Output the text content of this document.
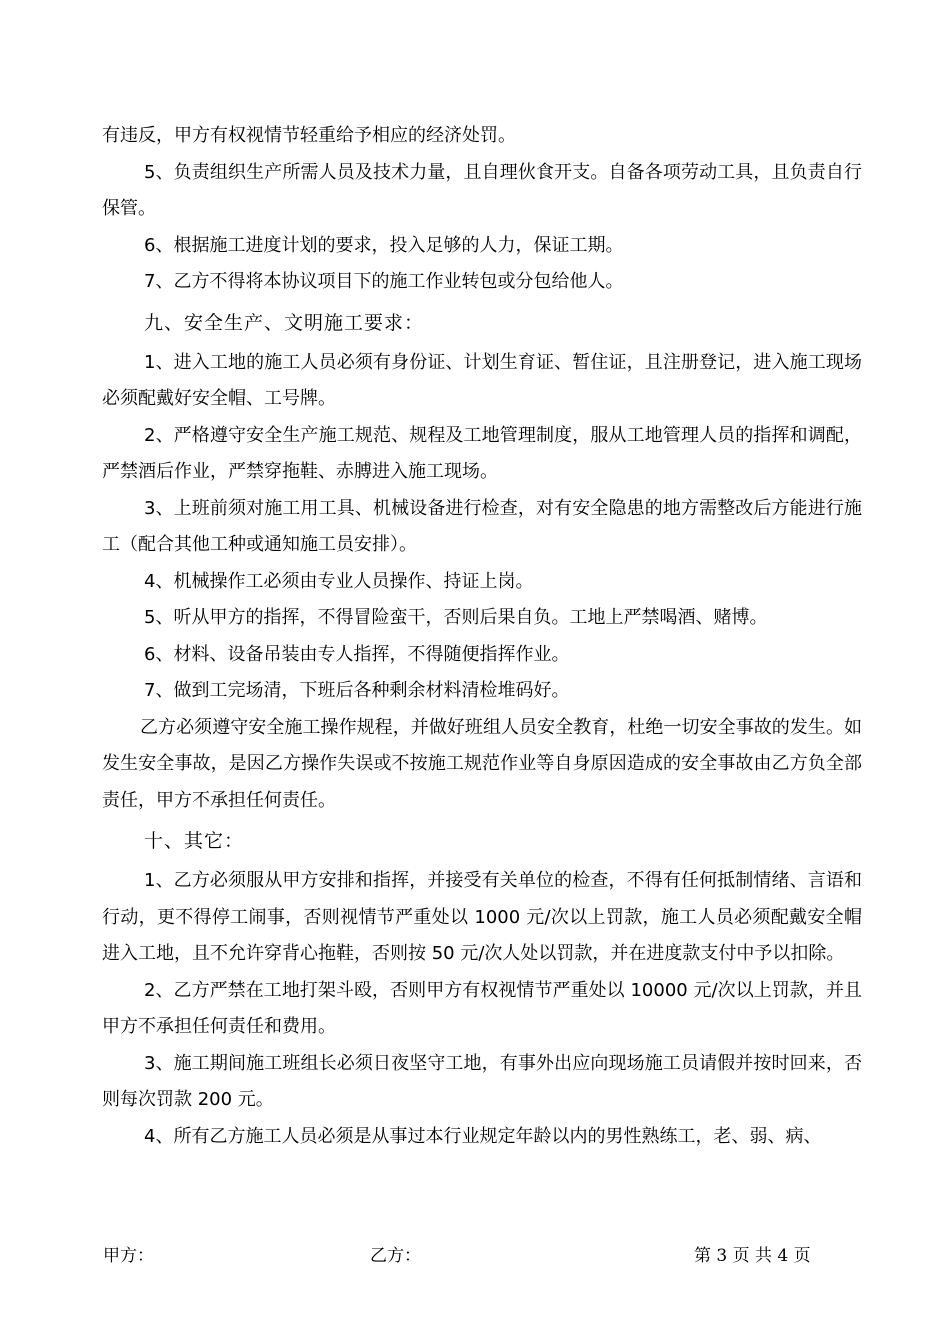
有违反，甲方有权视情节轻重给予相应的经济处罚。

5、负责组织生产所需人员及技术力量，且自理伙食开支。自备各项劳动工具，且负责自行保管。

6、根据施工进度计划的要求，投入足够的人力，保证工期。

7、乙方不得将本协议项目下的施工作业转包或分包给他人。

九、安全生产、文明施工要求：

1、进入工地的施工人员必须有身份证、计划生育证、暂住证，且注册登记，进入施工现场必须配戴好安全帽、工号牌。

2、严格遵守安全生产施工规范、规程及工地管理制度，服从工地管理人员的指挥和调配，严禁酒后作业，严禁穿拖鞋、赤膊进入施工现场。

3、上班前须对施工用工具、机械设备进行检查，对有安全隐患的地方需整改后方能进行施工（配合其他工种或通知施工员安排）。

4、机械操作工必须由专业人员操作、持证上岗。

5、听从甲方的指挥，不得冒险蛮干，否则后果自负。工地上严禁喝酒、赌博。

6、材料、设备吊装由专人指挥，不得随便指挥作业。

7、做到工完场清，下班后各种剩余材料清检堆码好。

乙方必须遵守安全施工操作规程，并做好班组人员安全教育，杜绝一切安全事故的发生。如发生安全事故，是因乙方操作失误或不按施工规范作业等自身原因造成的安全事故由乙方负全部责任，甲方不承担任何责任。

十、其它：

1、乙方必须服从甲方安排和指挥，并接受有关单位的检查，不得有任何抵制情绪、言语和行动，更不得停工闹事，否则视情节严重处以 1000 元/次以上罚款，施工人员必须配戴安全帽进入工地，且不允许穿背心拖鞋，否则按 50 元/次人处以罚款，并在进度款支付中予以扣除。

2、乙方严禁在工地打架斗殴，否则甲方有权视情节严重处以 10000 元/次以上罚款，并且甲方不承担任何责任和费用。

3、施工期间施工班组长必须日夜坚守工地，有事外出应向现场施工员请假并按时回来，否则每次罚款 200 元。

4、所有乙方施工人员必须是从事过本行业规定年龄以内的男性熟练工，老、弱、病、

甲方：	乙方：	第 3 页 共 4 页
